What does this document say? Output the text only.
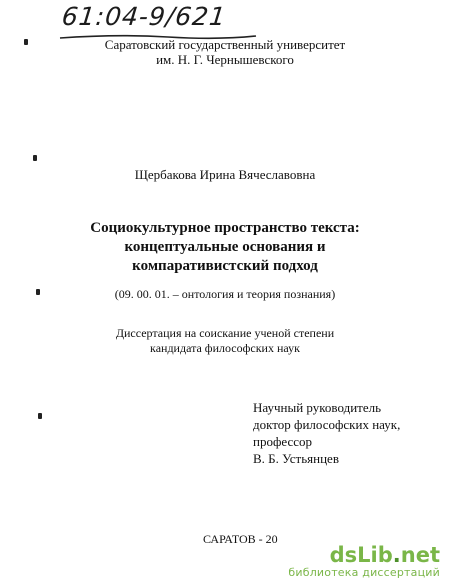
61:04-9/621
Саратовский государственный университет
им. Н. Г. Чернышевского
Щербакова Ирина Вячеславовна
Социокультурное пространство текста:
концептуальные основания и
компаративистский подход
(09. 00. 01. – онтология и теория познания)
Диссертация на соискание ученой степени
кандидата философских наук
Научный руководитель
доктор философских наук,
профессор
В. Б. Устьянцев
САРАТОВ - 20
dsLib.net
библиотека диссертаций
